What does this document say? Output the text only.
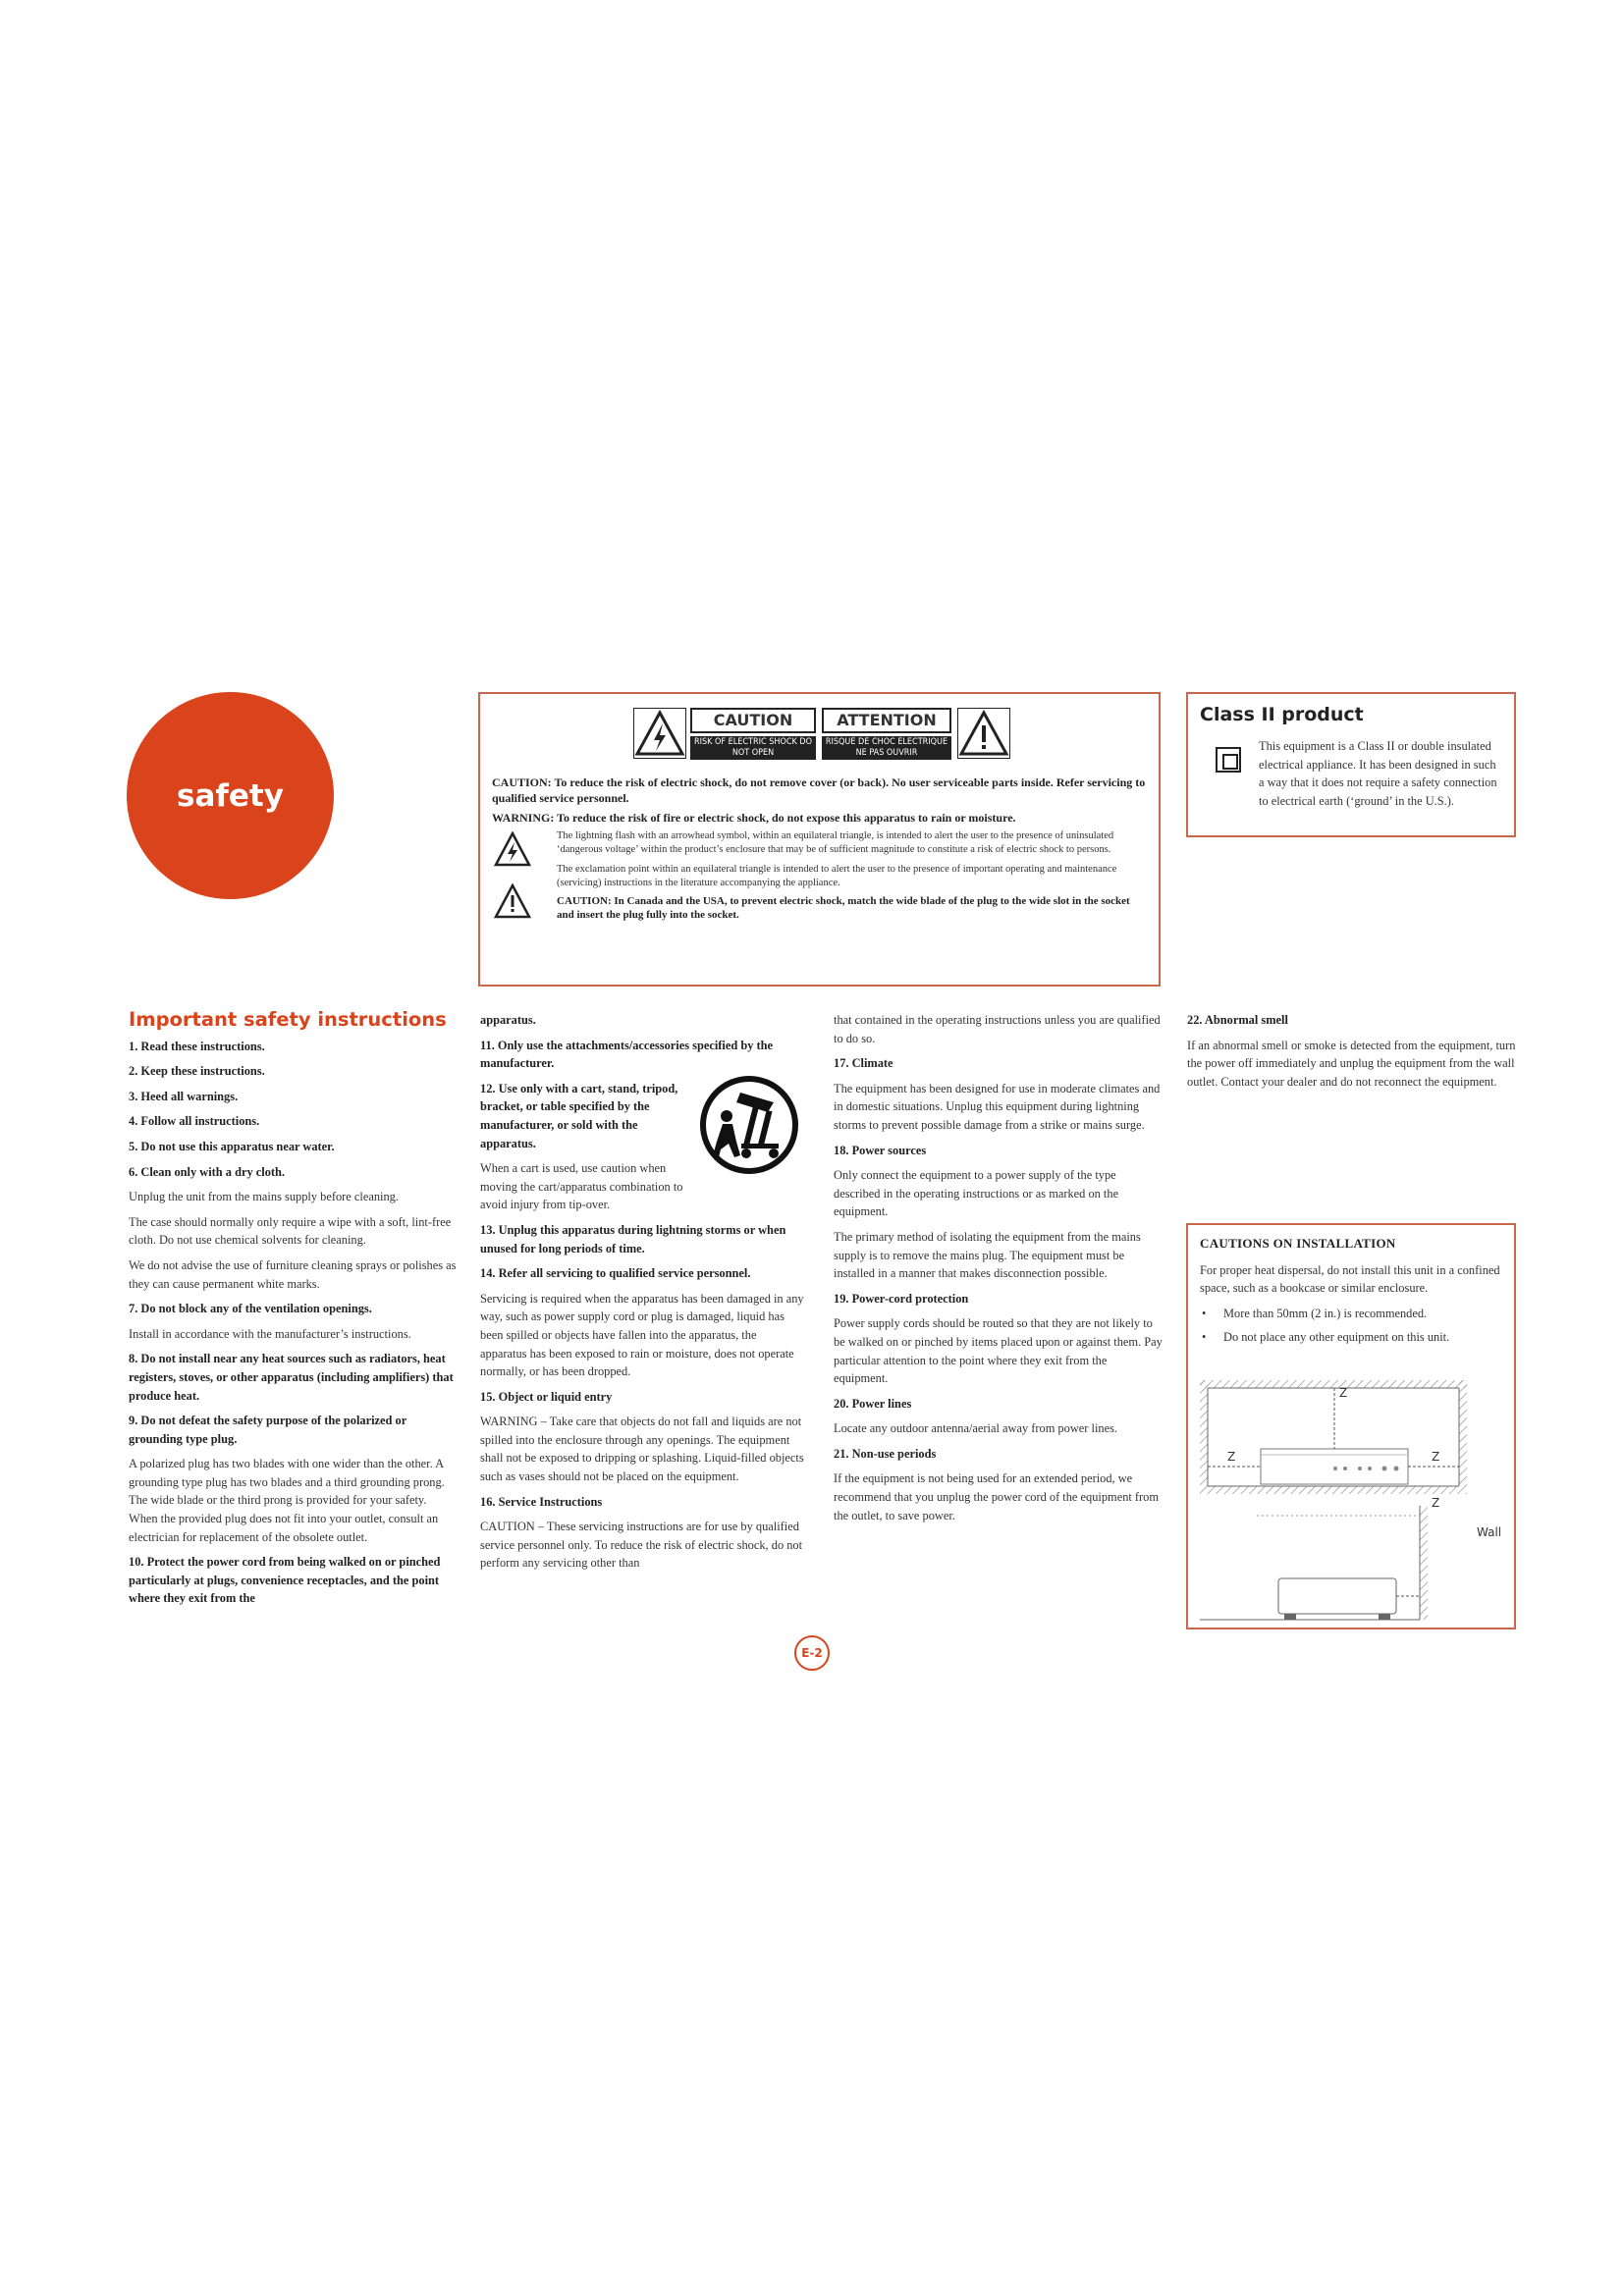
safety
CAUTION
RISK OF ELECTRIC SHOCK DO NOT OPEN
ATTENTION
RISQUE DE CHOC ELECTRIQUE NE PAS OUVRIR

CAUTION: To reduce the risk of electric shock, do not remove cover (or back). No user serviceable parts inside. Refer servicing to qualified service personnel.

WARNING: To reduce the risk of fire or electric shock, do not expose this apparatus to rain or moisture.

The lightning flash with an arrowhead symbol, within an equilateral triangle, is intended to alert the user to the presence of uninsulated ‘dangerous voltage’ within the product’s enclosure that may be of sufficient magnitude to constitute a risk of electric shock to persons.

The exclamation point within an equilateral triangle is intended to alert the user to the presence of important operating and maintenance (servicing) instructions in the literature accompanying the appliance.

CAUTION: In Canada and the USA, to prevent electric shock, match the wide blade of the plug to the wide slot in the socket and insert the plug fully into the socket.

Class II product
This equipment is a Class II or double insulated electrical appliance. It has been designed in such a way that it does not require a safety connection to electrical earth (‘ground’ in the U.S.).
Important safety instructions

1. Read these instructions.

2. Keep these instructions.

3. Heed all warnings.

4. Follow all instructions.

5. Do not use this apparatus near water.

6. Clean only with a dry cloth.

Unplug the unit from the mains supply before cleaning.

The case should normally only require a wipe with a soft, lint-free cloth. Do not use chemical solvents for cleaning.

We do not advise the use of furniture cleaning sprays or polishes as they can cause permanent white marks.

7. Do not block any of the ventilation openings.

Install in accordance with the manufacturer’s instructions.

8. Do not install near any heat sources such as radiators, heat registers, stoves, or other apparatus (including amplifiers) that produce heat.

9. Do not defeat the safety purpose of the polarized or grounding type plug.

A polarized plug has two blades with one wider than the other. A grounding type plug has two blades and a third grounding prong. The wide blade or the third prong is provided for your safety. When the provided plug does not fit into your outlet, consult an electrician for replacement of the obsolete outlet.

10. Protect the power cord from being walked on or pinched particularly at plugs, convenience receptacles, and the point where they exit from the

apparatus.

11. Only use the attachments/accessories specified by the manufacturer.

12. Use only with a cart, stand, tripod, bracket, or table specified by the manufacturer, or sold with the apparatus.

When a cart is used, use caution when moving the cart/apparatus combination to avoid injury from tip-over.

13. Unplug this apparatus during lightning storms or when unused for long periods of time.

14. Refer all servicing to qualified service personnel.

Servicing is required when the apparatus has been damaged in any way, such as power supply cord or plug is damaged, liquid has been spilled or objects have fallen into the apparatus, the apparatus has been exposed to rain or moisture, does not operate normally, or has been dropped.

15. Object or liquid entry

WARNING – Take care that objects do not fall and liquids are not spilled into the enclosure through any openings. The equipment shall not be exposed to dripping or splashing. Liquid-filled objects such as vases should not be placed on the equipment.

16. Service Instructions

CAUTION – These servicing instructions are for use by qualified service personnel only. To reduce the risk of electric shock, do not perform any servicing other than

that contained in the operating instructions unless you are qualified to do so.

17. Climate

The equipment has been designed for use in moderate climates and in domestic situations. Unplug this equipment during lightning storms to prevent possible damage from a strike or mains surge.

18. Power sources

Only connect the equipment to a power supply of the type described in the operating instructions or as marked on the equipment.

The primary method of isolating the equipment from the mains supply is to remove the mains plug. The equipment must be installed in a manner that makes disconnection possible.

19. Power-cord protection

Power supply cords should be routed so that they are not likely to be walked on or pinched by items placed upon or against them. Pay particular attention to the point where they exit from the equipment.

20. Power lines

Locate any outdoor antenna/aerial away from power lines.

21. Non-use periods

If the equipment is not being used for an extended period, we recommend that you unplug the power cord of the equipment from the outlet, to save power.

22. Abnormal smell

If an abnormal smell or smoke is detected from the equipment, turn the power off immediately and unplug the equipment from the wall outlet. Contact your dealer and do not reconnect the equipment.

CAUTIONS ON INSTALLATION

For proper heat dispersal, do not install this unit in a confined space, such as a bookcase or similar enclosure.

• More than 50mm (2 in.) is recommended.
• Do not place any other equipment on this unit.
Z
Z	Z
Z
Wall
E-2
